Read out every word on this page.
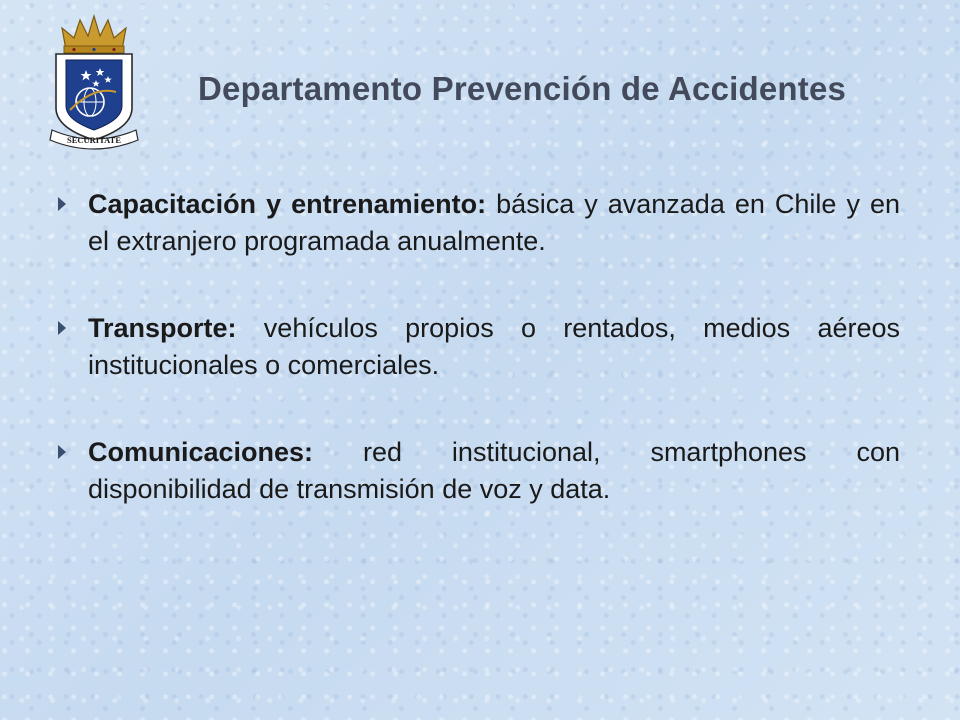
SECURITATE
Departamento Prevención de Accidentes
Capacitación y entrenamiento: básica y avanzada en Chile y en el extranjero programada anualmente.
Transporte: vehículos propios o rentados, medios aéreos institucionales o comerciales.
Comunicaciones: red institucional, smartphones con disponibilidad de transmisión de voz y data.
